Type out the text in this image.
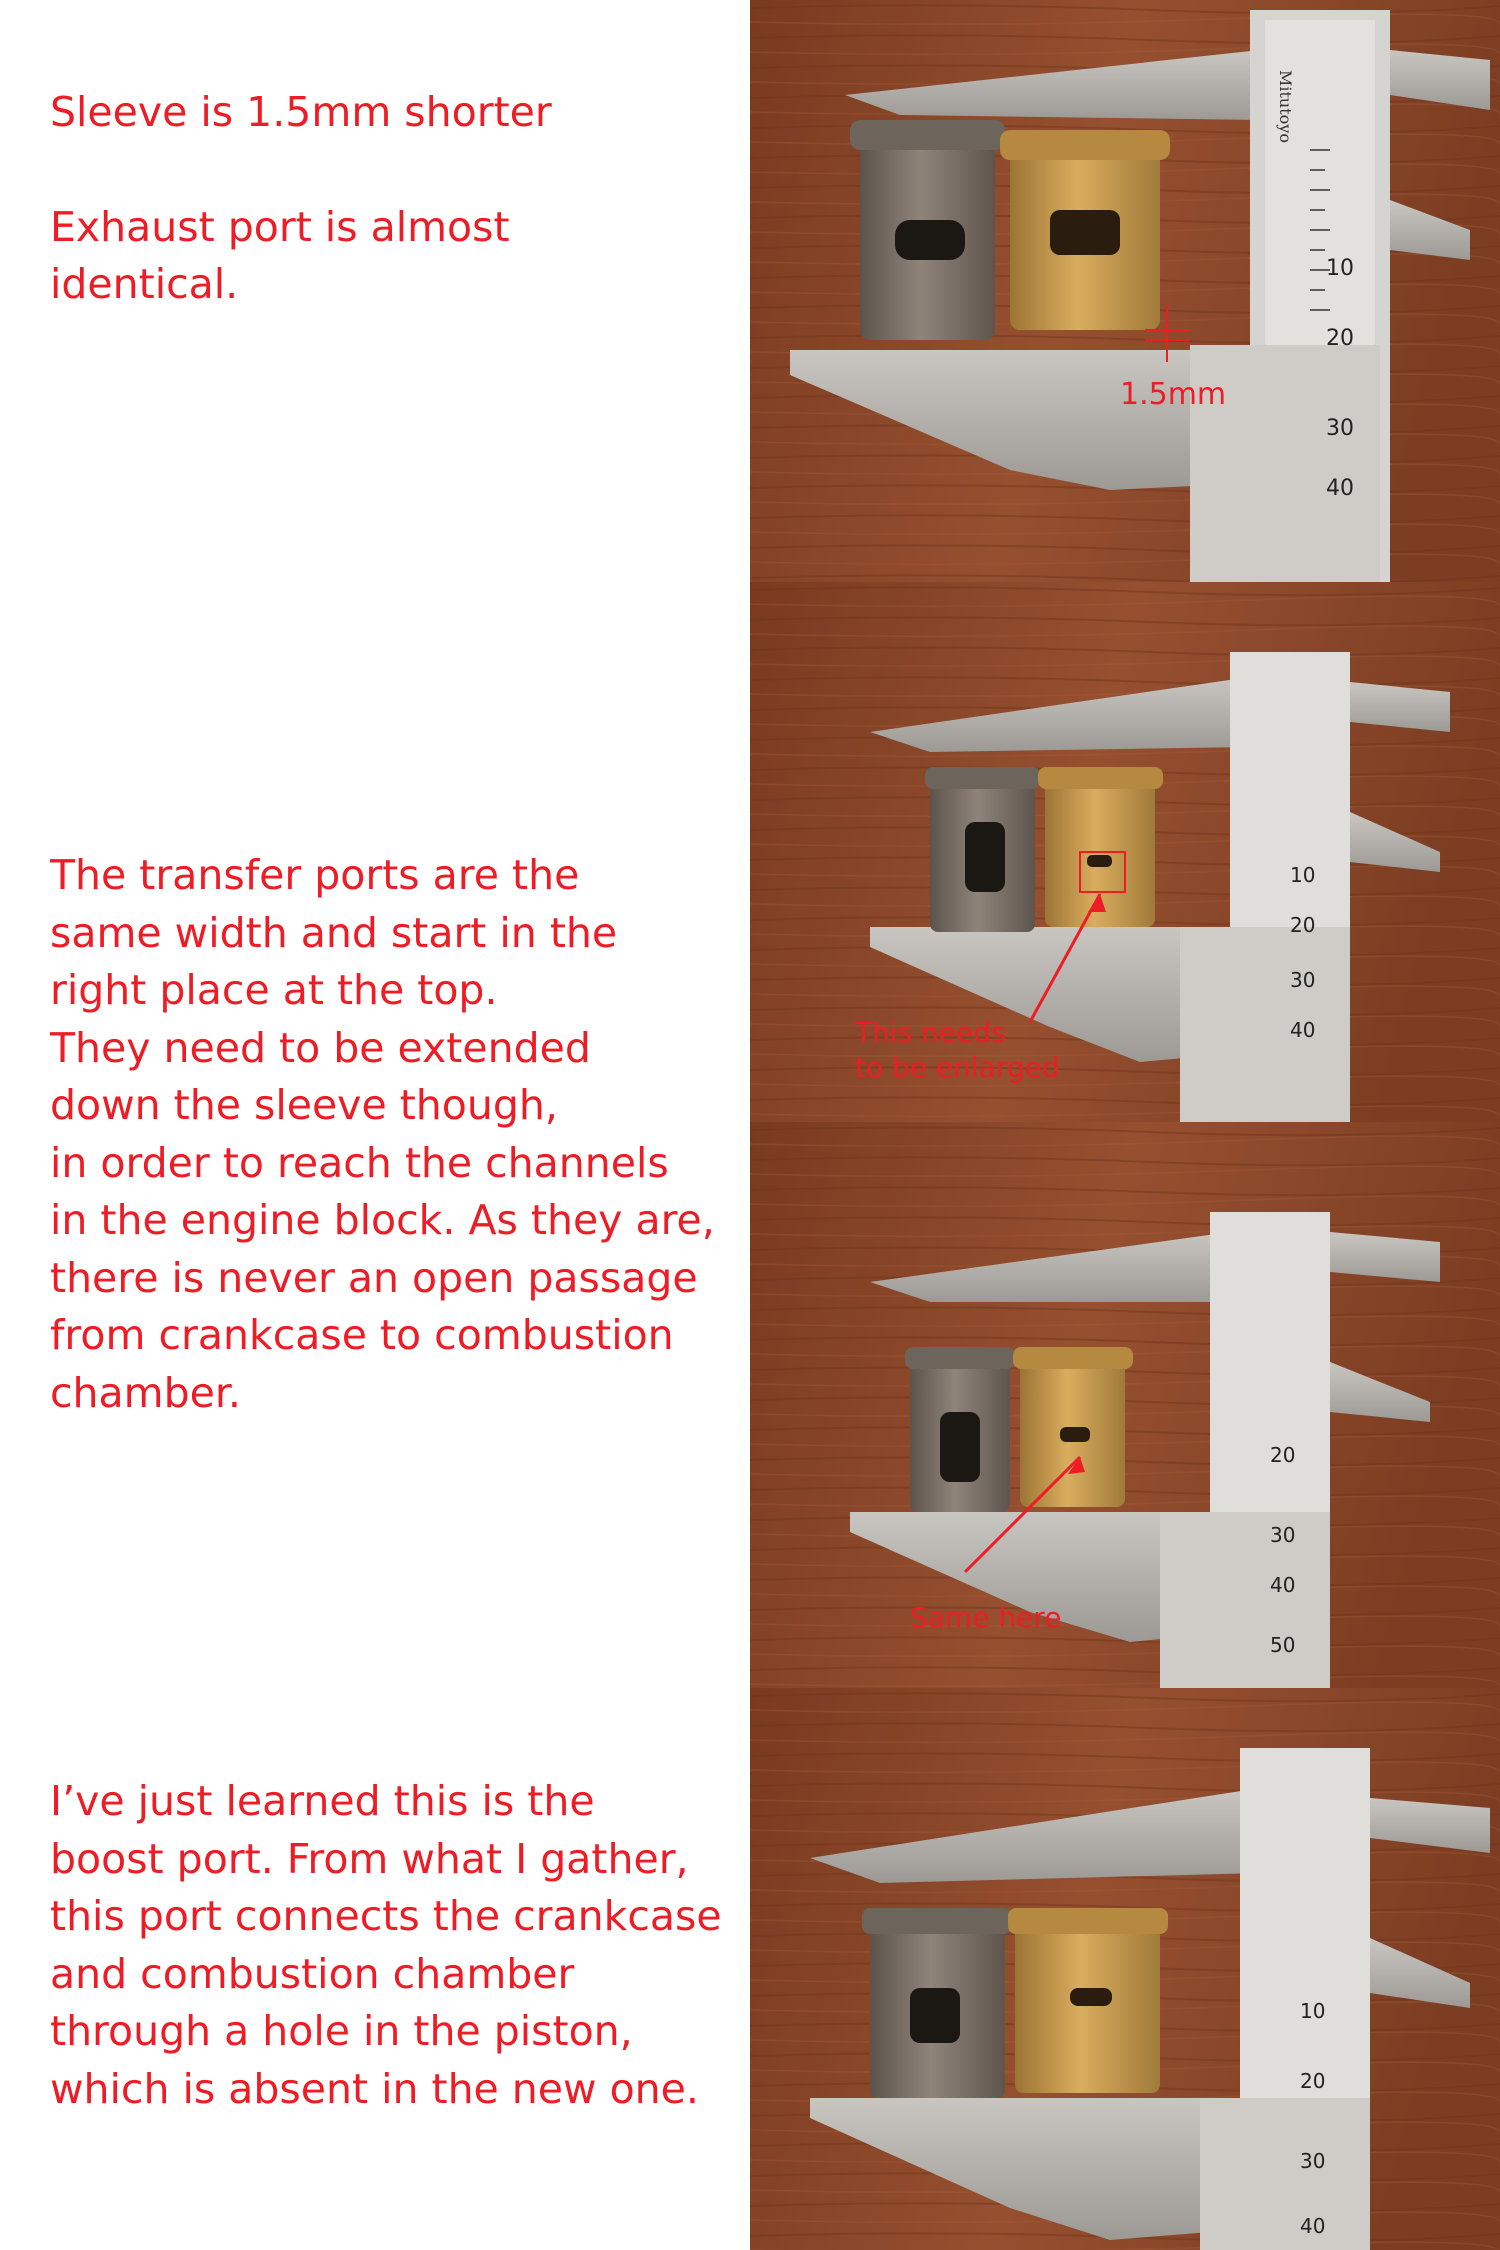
Sleeve is 1.5mm shorter

Exhaust port is almost
identical.

The transfer ports are the
same width and start in the
right place at the top.
They need to be extended
down the sleeve though,
in order to reach the channels
in the engine block. As they are,
there is never an open passage
from crankcase to combustion
chamber.

I’ve just learned this is the
boost port. From what I gather,
this port connects the crankcase
and combustion chamber
through a hole in the piston,
which is absent in the new one.

1.5mm
10
20
30
40
Mitutoyo
This needs
to be enlarged
10
20
30
40
Same here
20
30
40
50
10
20
30
40
